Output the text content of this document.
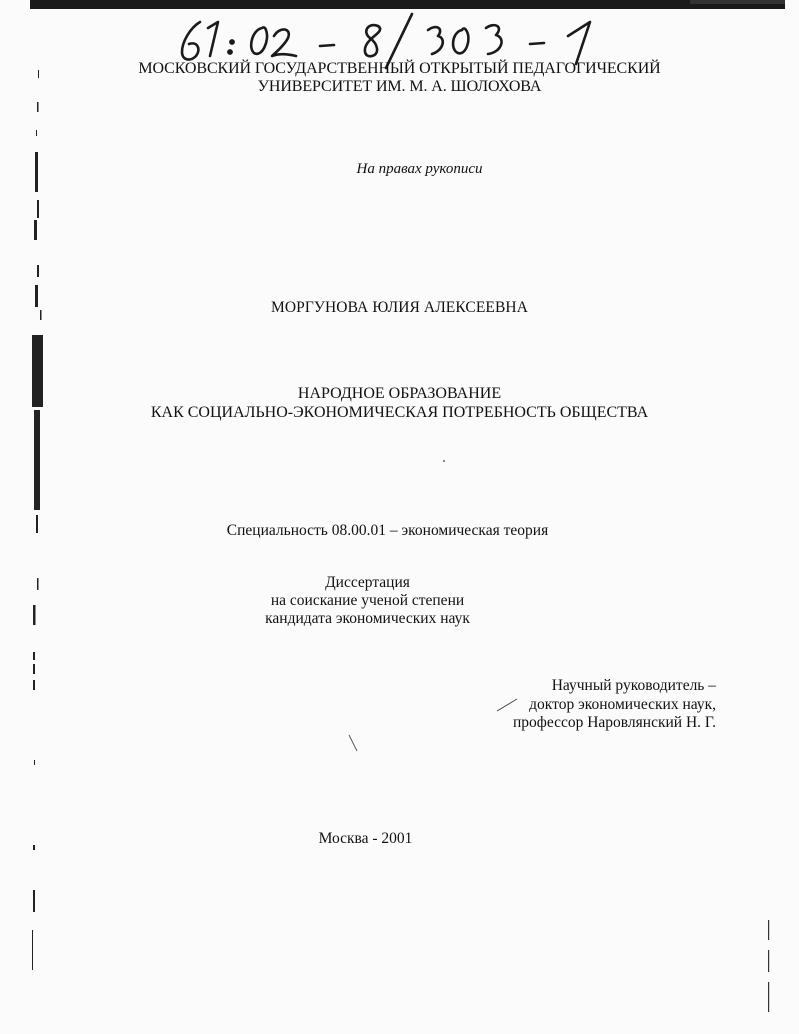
МОСКОВСКИЙ ГОСУДАРСТВЕННЫЙ ОТКРЫТЫЙ ПЕДАГОГИЧЕСКИЙ
УНИВЕРСИТЕТ ИМ. М. А. ШОЛОХОВА
На правах рукописи
МОРГУНОВА ЮЛИЯ АЛЕКСЕЕВНА
НАРОДНОЕ ОБРАЗОВАНИЕ
КАК СОЦИАЛЬНО-ЭКОНОМИЧЕСКАЯ ПОТРЕБНОСТЬ ОБЩЕСТВА
Специальность 08.00.01 – экономическая теория
Диссертация
на соискание ученой степени
кандидата экономических наук
Научный руководитель –
доктор экономических наук,
профессор Наровлянский Н. Г.
Москва - 2001
